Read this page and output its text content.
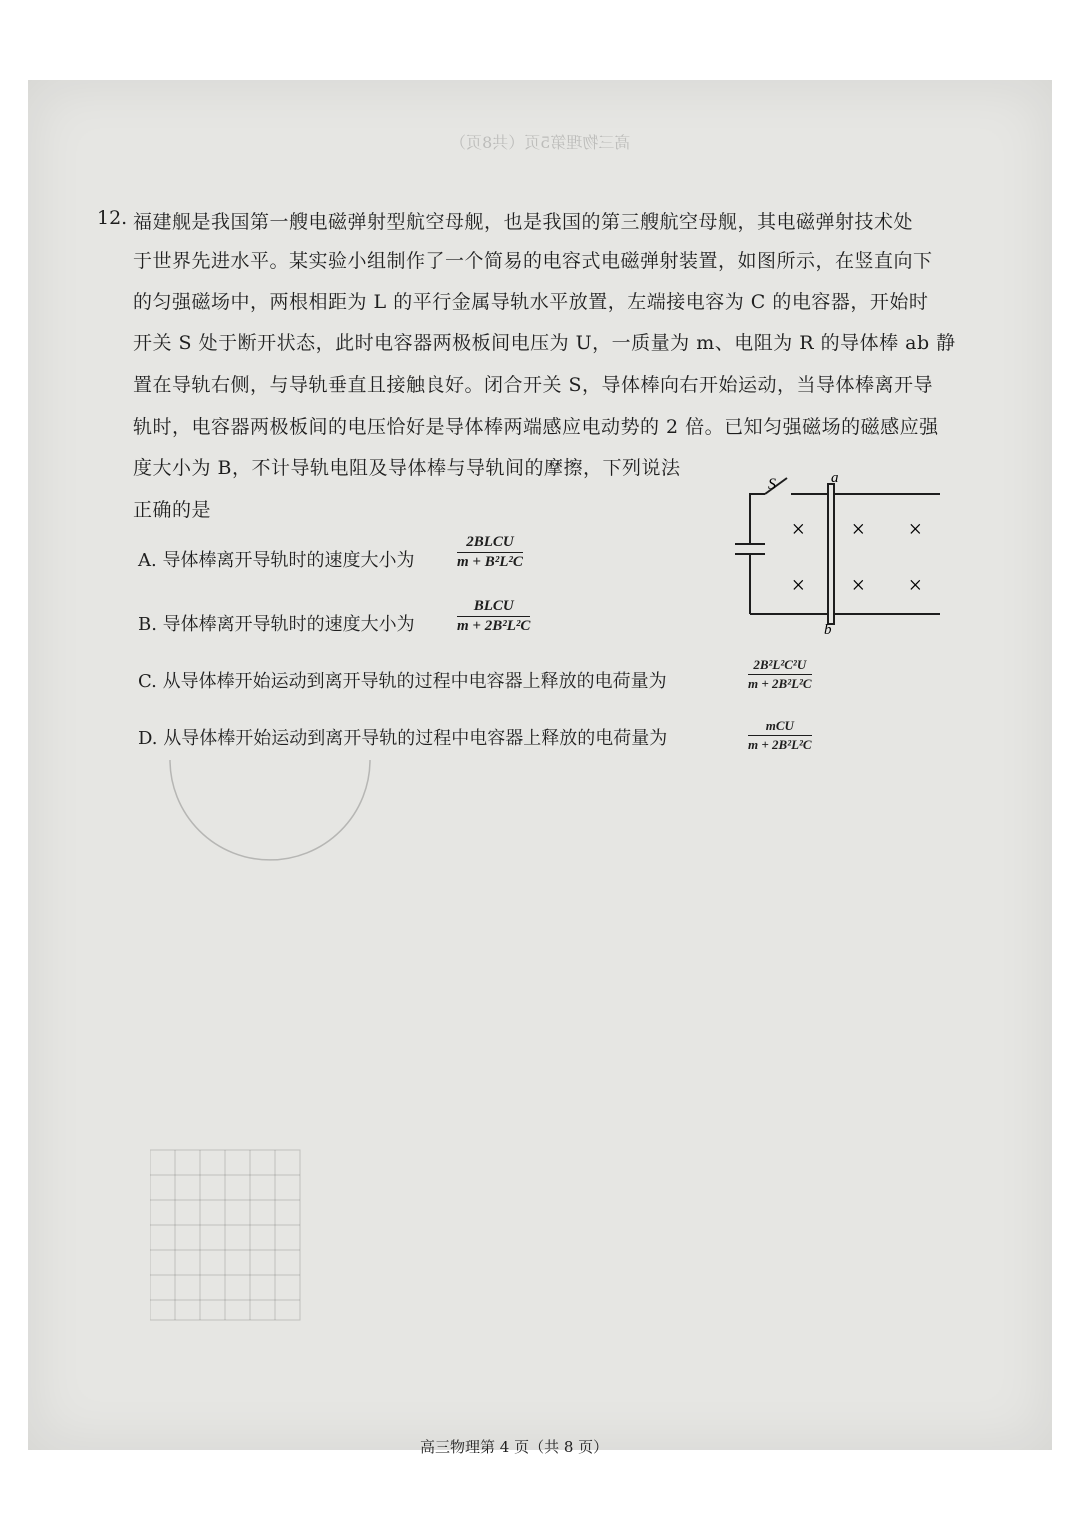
高三物理第5页（共8页）
12. 福建舰是我国第一艘电磁弹射型航空母舰，也是我国的第三艘航空母舰，其电磁弹射技术处
于世界先进水平。某实验小组制作了一个简易的电容式电磁弹射装置，如图所示，在竖直向下
的匀强磁场中，两根相距为 L 的平行金属导轨水平放置，左端接电容为 C 的电容器，开始时
开关 S 处于断开状态，此时电容器两极板间电压为 U，一质量为 m、电阻为 R 的导体棒 ab 静
置在导轨右侧，与导轨垂直且接触良好。闭合开关 S，导体棒向右开始运动，当导体棒离开导
轨时，电容器两极板间的电压恰好是导体棒两端感应电动势的 2 倍。已知匀强磁场的磁感应强
度大小为 B，不计导轨电阻及导体棒与导轨间的摩擦，下列说法
正确的是
A. 导体棒离开导轨时的速度大小为
2BLCU
m + B²L²C
B. 导体棒离开导轨时的速度大小为
BLCU
m + 2B²L²C
C. 从导体棒开始运动到离开导轨的过程中电容器上释放的电荷量为	$\frac{\text{2B²L²C²U}}{\text{m + 2B²L²C}}$
D. 从导体棒开始运动到离开导轨的过程中电容器上释放的电荷量为
mCU
m + 2B²L²C
S	a
b
× × ×
× × ×
高三物理第 4 页（共 8 页）
